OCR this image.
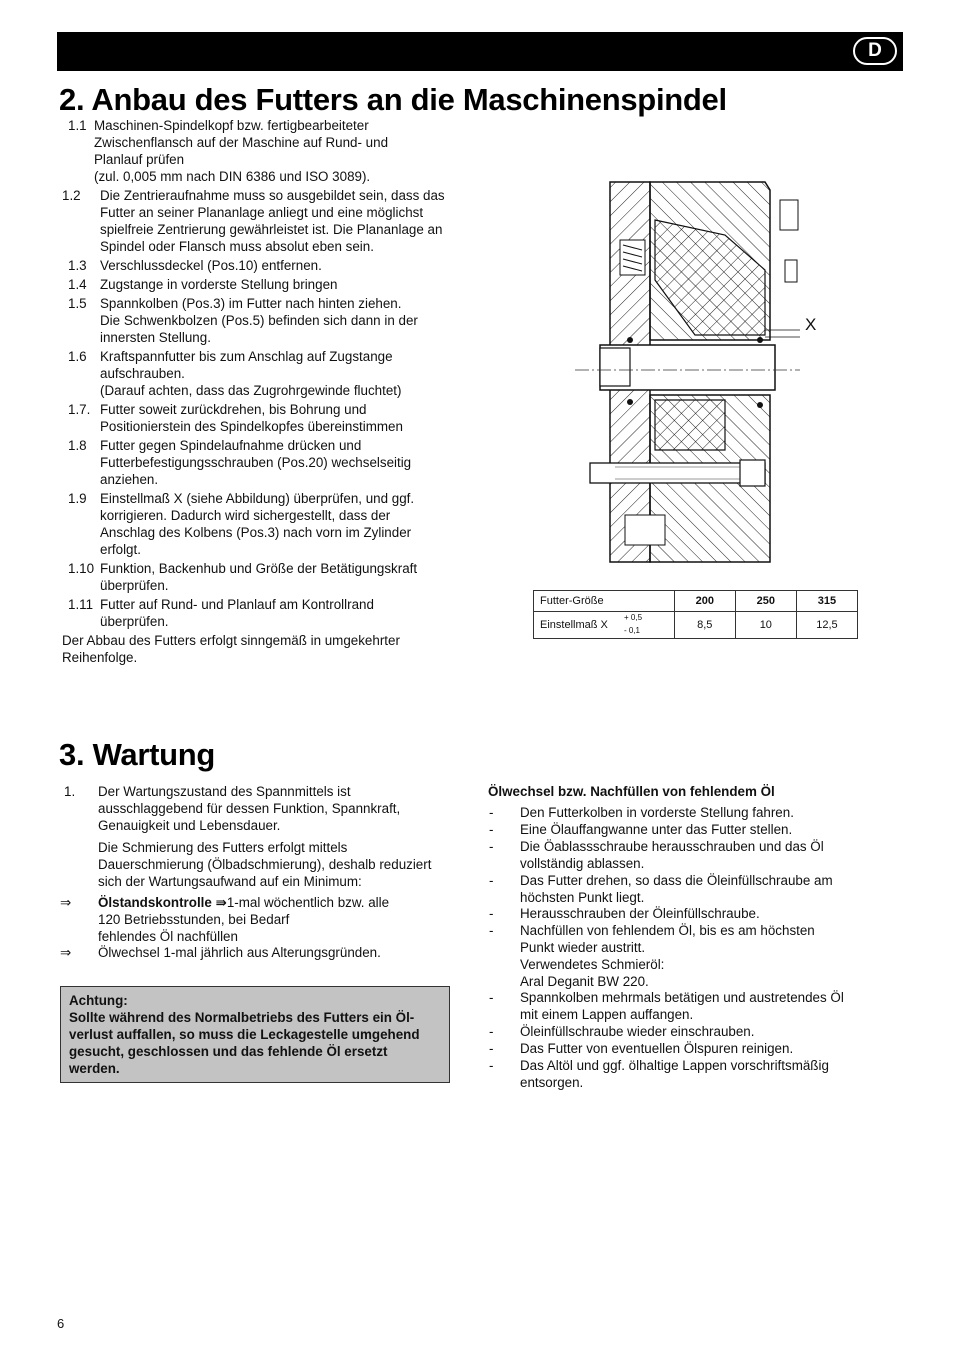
D
2. Anbau des Futters an die Maschinenspindel
1.1 Maschinen-Spindelkopf bzw. fertigbearbeiteter
Zwischenflansch auf der Maschine auf Rund- und
Planlauf prüfen
(zul. 0,005 mm nach DIN 6386 und ISO 3089).
1.2 Die Zentrieraufnahme muss so ausgebildet sein, dass das
Futter an seiner Plananlage anliegt und eine möglichst
spielfreie Zentrierung gewährleistet ist. Die Plananlage an
Spindel oder Flansch muss absolut eben sein.
1.3 Verschlussdeckel (Pos.10) entfernen.
1.4 Zugstange in vorderste Stellung bringen
1.5 Spannkolben (Pos.3) im Futter nach hinten ziehen.
Die Schwenkbolzen (Pos.5) befinden sich dann in der
innersten Stellung.
1.6 Kraftspannfutter bis zum Anschlag auf Zugstange
aufschrauben.
(Darauf achten, dass das Zugrohrgewinde fluchtet)
1.7. Futter soweit zurückdrehen, bis Bohrung und
Positionierstein des Spindelkopfes übereinstimmen
1.8 Futter gegen Spindelaufnahme drücken und
Futterbefestigungsschrauben (Pos.20) wechselseitig
anziehen.
1.9 Einstellmaß X (siehe Abbildung) überprüfen, und ggf.
korrigieren. Dadurch wird sichergestellt, dass der
Anschlag des Kolbens (Pos.3) nach vorn im Zylinder
erfolgt.
1.10 Funktion, Backenhub und Größe der Betätigungskraft
überprüfen.
1.11 Futter auf Rund- und Planlauf am Kontrollrand
überprüfen.
Der Abbau des Futters erfolgt sinngemäß in umgekehrter
Reihenfolge.
X
Futter-Größe	200	250	315
Einstellmaß X
+ 0,5
- 0,1	8,5	10	12,5
3. Wartung
1. Der Wartungszustand des Spannmittels ist
ausschlaggebend für dessen Funktion, Spannkraft,
Genauigkeit und Lebensdauer.
Die Schmierung des Futters erfolgt mittels
Dauerschmierung (Ölbadschmierung), deshalb reduziert
sich der Wartungsaufwand auf ein Minimum:
⇒ Ölstandskontrolle ⇛1-mal wöchentlich bzw. alle
120 Betriebsstunden, bei Bedarf
fehlendes Öl nachfüllen
⇒ Ölwechsel 1-mal jährlich aus Alterungsgründen.
Achtung:
Sollte während des Normalbetriebs des Futters ein Öl-
verlust auffallen, so muss die Leckagestelle umgehend
gesucht, geschlossen und das fehlende Öl ersetzt
werden.
Ölwechsel bzw. Nachfüllen von fehlendem Öl
- Den Futterkolben in vorderste Stellung fahren.
- Eine Ölauffangwanne unter das Futter stellen.
- Die Öablassschraube herausschrauben und das Öl
vollständig ablassen.
- Das Futter drehen, so dass die Öleinfüllschraube am
höchsten Punkt liegt.
- Herausschrauben der Öleinfüllschraube.
- Nachfüllen von fehlendem Öl, bis es am höchsten
Punkt wieder austritt.
Verwendetes Schmieröl:
Aral Deganit BW 220.
- Spannkolben mehrmals betätigen und austretendes Öl
mit einem Lappen auffangen.
- Öleinfüllschraube wieder einschrauben.
- Das Futter von eventuellen Ölspuren reinigen.
- Das Altöl und ggf. ölhaltige Lappen vorschriftsmäßig
entsorgen.
6
